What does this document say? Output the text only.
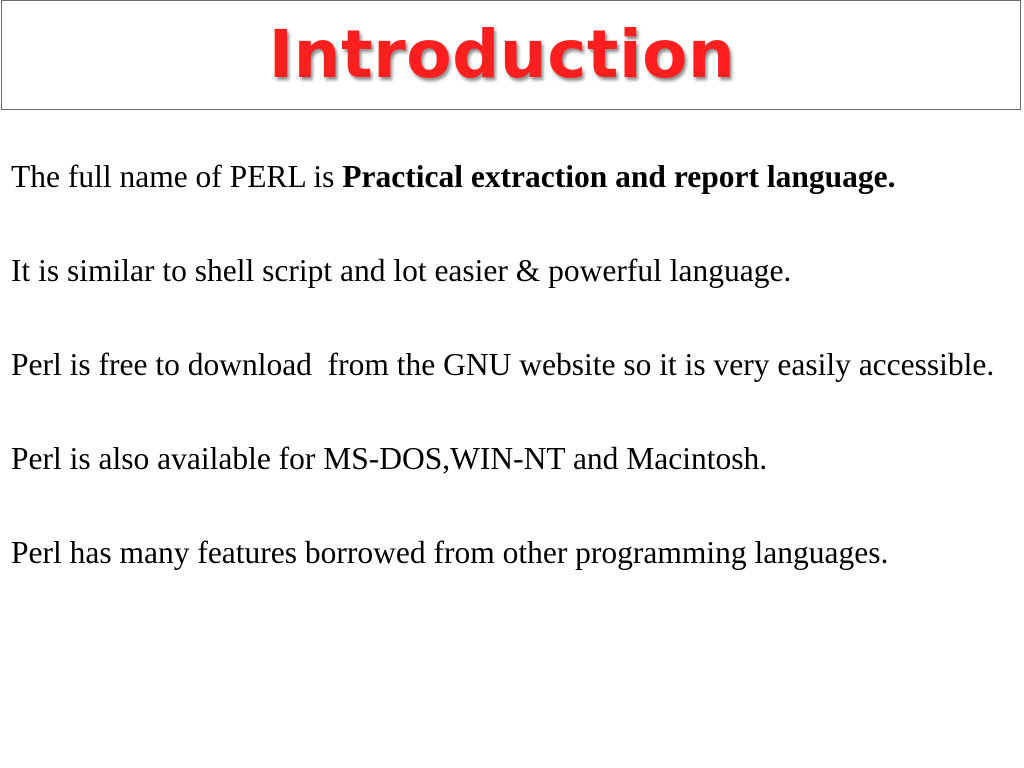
Introduction

The full name of PERL is Practical extraction and report language.

It is similar to shell script and lot easier & powerful language.

Perl is free to download  from the GNU website so it is very easily accessible.

Perl is also available for MS-DOS,WIN-NT and Macintosh.

Perl has many features borrowed from other programming languages.
